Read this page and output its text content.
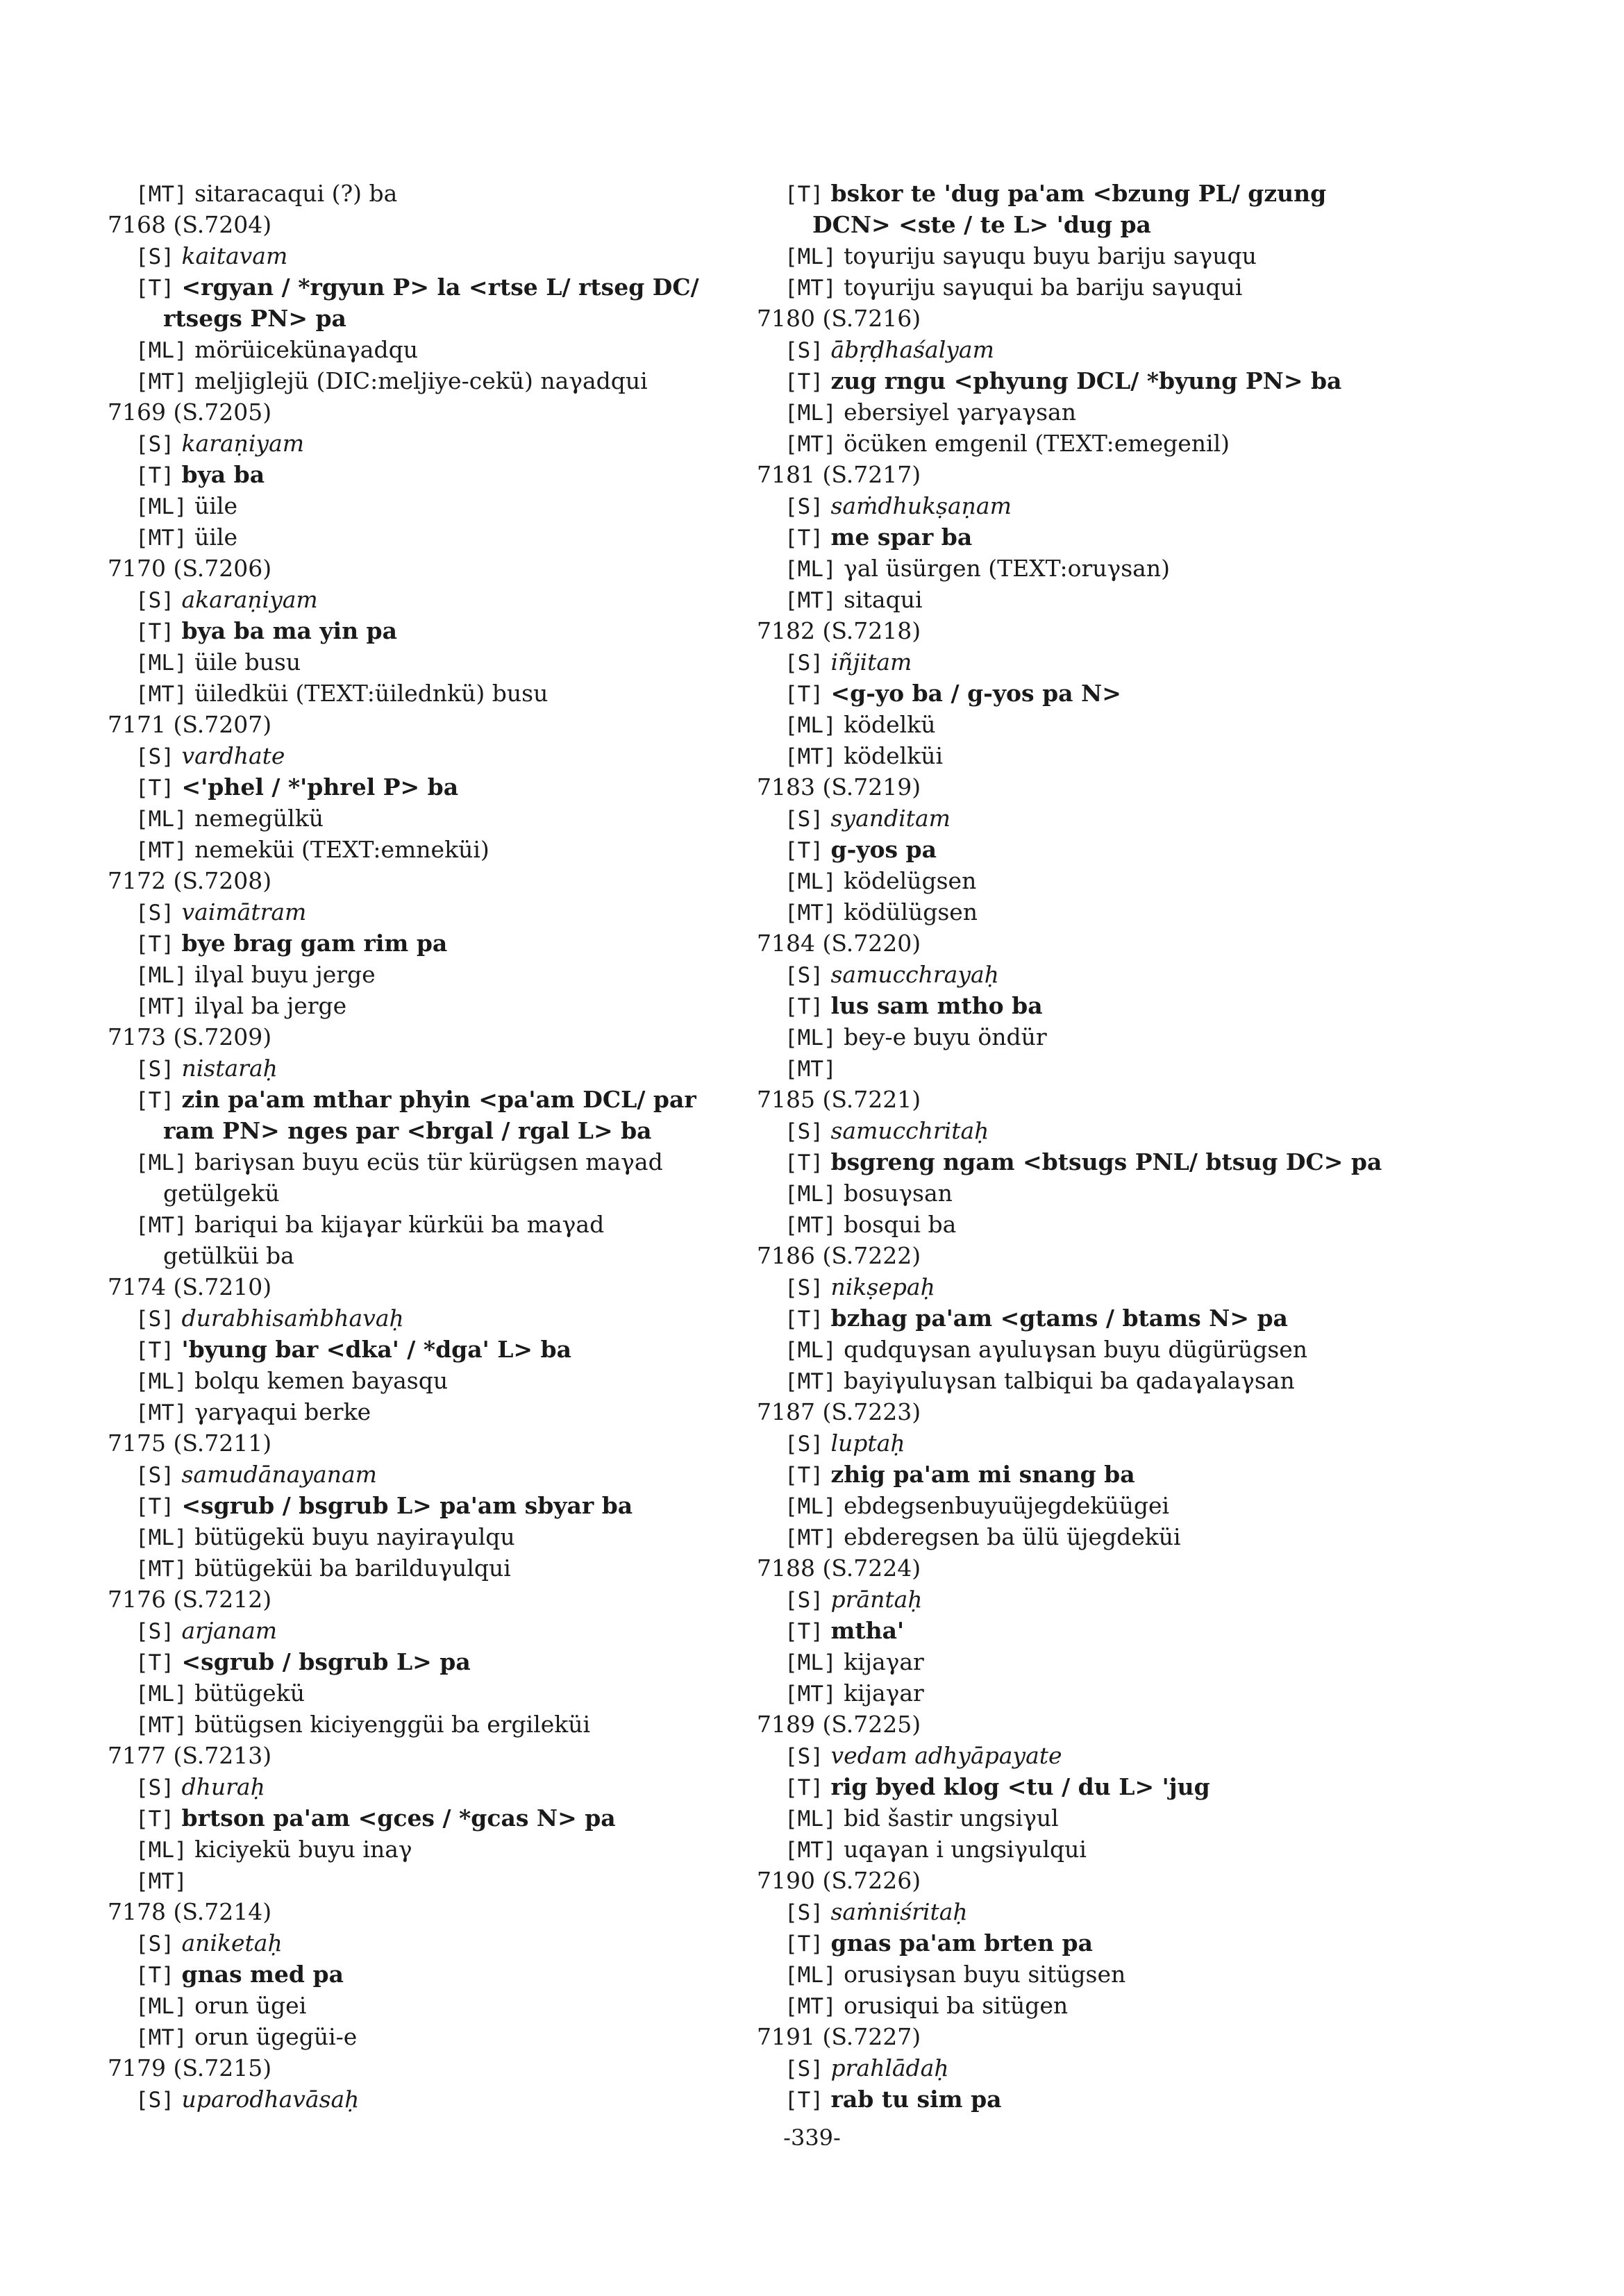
[MT] sitaracaqui (?) ba
7168 (S.7204)
[S] kaitavam
[T] <rgyan / *rgyun P> la <rtse L/ rtseg DC/
rtsegs PN> pa
[ML] mörüicekünaγadqu
[MT] meljiglejü (DIC:meljiye-cekü) naγadqui
7169 (S.7205)
[S] karaṇiyam
[T] bya ba
[ML] üile
[MT] üile
7170 (S.7206)
[S] akaraṇiyam
[T] bya ba ma yin pa
[ML] üile busu
[MT] üiledküi (TEXT:üilednkü) busu
7171 (S.7207)
[S] vardhate
[T] <'phel / *'phrel P> ba
[ML] nemegülkü
[MT] nemeküi (TEXT:emneküi)
7172 (S.7208)
[S] vaimātram
[T] bye brag gam rim pa
[ML] ilγal buyu jerge
[MT] ilγal ba jerge
7173 (S.7209)
[S] nistaraḥ
[T] zin pa'am mthar phyin <pa'am DCL/ par
ram PN> nges par <brgal / rgal L> ba
[ML] bariγsan buyu ecüs tür kürügsen maγad
getülgekü
[MT] bariqui ba kijaγar kürküi ba maγad
getülküi ba
7174 (S.7210)
[S] durabhisaṁbhavaḥ
[T] 'byung bar <dka' / *dga' L> ba
[ML] bolqu kemen bayasqu
[MT] γarγaqui berke
7175 (S.7211)
[S] samudānayanam
[T] <sgrub / bsgrub L> pa'am sbyar ba
[ML] bütügekü buyu nayiraγulqu
[MT] bütügeküi ba barilduγulqui
7176 (S.7212)
[S] arjanam
[T] <sgrub / bsgrub L> pa
[ML] bütügekü
[MT] bütügsen kiciyenggüi ba ergileküi
7177 (S.7213)
[S] dhuraḥ
[T] brtson pa'am <gces / *gcas N> pa
[ML] kiciyekü buyu inaγ
[MT]
7178 (S.7214)
[S] aniketaḥ
[T] gnas med pa
[ML] orun ügei
[MT] orun ügegüi-e
7179 (S.7215)
[S] uparodhavāsaḥ
[T] bskor te 'dug pa'am <bzung PL/ gzung
DCN> <ste / te L> 'dug pa
[ML] toγuriju saγuqu buyu bariju saγuqu
[MT] toγuriju saγuqui ba bariju saγuqui
7180 (S.7216)
[S] ābṛḍhaśalyam
[T] zug rngu <phyung DCL/ *byung PN> ba
[ML] ebersiyel γarγaγsan
[MT] öcüken emgenil (TEXT:emegenil)
7181 (S.7217)
[S] saṁdhukṣaṇam
[T] me spar ba
[ML] γal üsürgen (TEXT:oruγsan)
[MT] sitaqui
7182 (S.7218)
[S] iñjitam
[T] <g-yo ba / g-yos pa N>
[ML] ködelkü
[MT] ködelküi
7183 (S.7219)
[S] syanditam
[T] g-yos pa
[ML] ködelügsen
[MT] ködülügsen
7184 (S.7220)
[S] samucchrayaḥ
[T] lus sam mtho ba
[ML] bey-e buyu öndür
[MT]
7185 (S.7221)
[S] samucchritaḥ
[T] bsgreng ngam <btsugs PNL/ btsug DC> pa
[ML] bosuγsan
[MT] bosqui ba
7186 (S.7222)
[S] nikṣepaḥ
[T] bzhag pa'am <gtams / btams N> pa
[ML] qudquγsan aγuluγsan buyu dügürügsen
[MT] bayiγuluγsan talbiqui ba qadaγalaγsan
7187 (S.7223)
[S] luptaḥ
[T] zhig pa'am mi snang ba
[ML] ebdegsenbuyuüjegdeküügei
[MT] ebderegsen ba ülü üjegdeküi
7188 (S.7224)
[S] prāntaḥ
[T] mtha'
[ML] kijaγar
[MT] kijaγar
7189 (S.7225)
[S] vedam adhyāpayate
[T] rig byed klog <tu / du L> 'jug
[ML] bid šastir ungsiγul
[MT] uqaγan i ungsiγulqui
7190 (S.7226)
[S] saṁniśritaḥ
[T] gnas pa'am brten pa
[ML] orusiγsan buyu sitügsen
[MT] orusiqui ba sitügen
7191 (S.7227)
[S] prahlādaḥ
[T] rab tu sim pa
-339-
